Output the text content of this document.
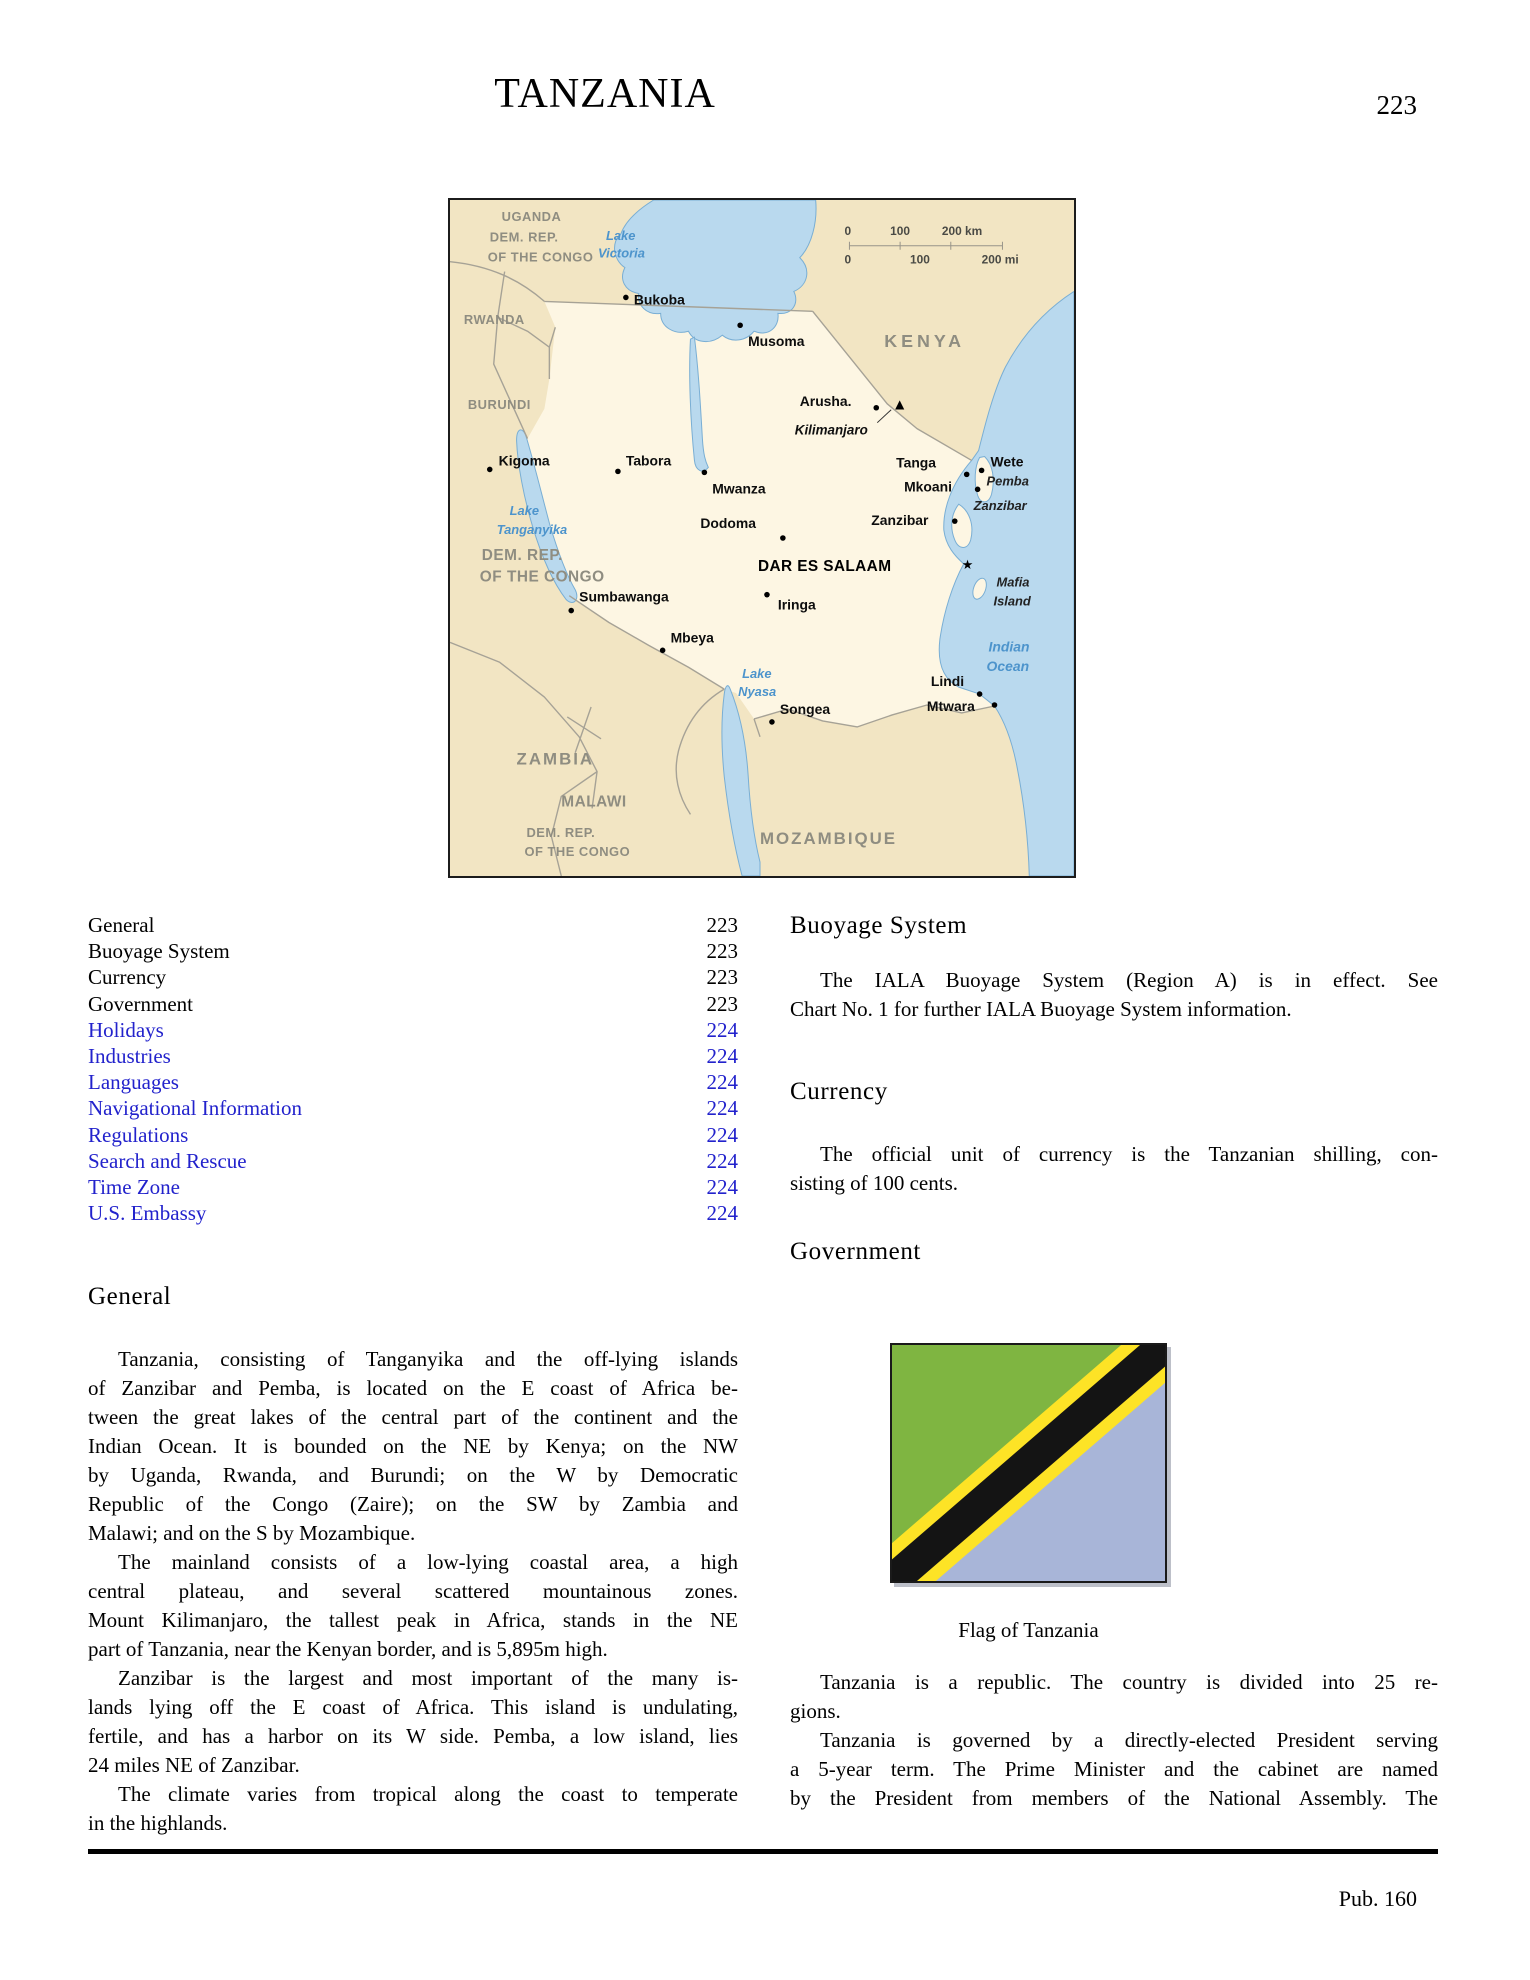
TANZANIA	223
UGANDA
DEM. REP.
OF THE CONGO
RWANDA
BURUNDI
KENYA
DEM. REP.
OF THE CONGO
ZAMBIA
MALAWI
DEM. REP.
OF THE CONGO
MOZAMBIQUE
Lake
Victoria
Lake
Tanganyika
Lake
Nyasa
Indian
Ocean
Pemba
Zanzibar
Mafia
Island
0	100	200 km
0	100	200 mi
Bukoba
Musoma
Mwanza
Arusha.
Kigoma	Tabora
Dodoma
Tanga	Wete
Mkoani
Zanzibar
Sumbawanga	Iringa
Mbeya
Lindi
Mtwara
Songea
DAR ES SALAAM	★
Kilimanjaro
▲
General	223
Buoyage System	223
Currency	223
Government	223
Holidays	224
Industries	224
Languages	224
Navigational Information	224
Regulations	224
Search and Rescue	224
Time Zone	224
U.S. Embassy	224
General
Tanzania, consisting of Tanganyika and the off-lying islands
of Zanzibar and Pemba, is located on the E coast of Africa be-
tween the great lakes of the central part of the continent and the
Indian Ocean. It is bounded on the NE by Kenya; on the NW
by Uganda, Rwanda, and Burundi; on the W by Democratic
Republic of the Congo (Zaire); on the SW by Zambia and
Malawi; and on the S by Mozambique.
The mainland consists of a low-lying coastal area, a high
central plateau, and several scattered mountainous zones.
Mount Kilimanjaro, the tallest peak in Africa, stands in the NE
part of Tanzania, near the Kenyan border, and is 5,895m high.
Zanzibar is the largest and most important of the many is-
lands lying off the E coast of Africa. This island is undulating,
fertile, and has a harbor on its W side. Pemba, a low island, lies
24 miles NE of Zanzibar.
The climate varies from tropical along the coast to temperate
in the highlands.
Buoyage System
The IALA Buoyage System (Region A) is in effect. See
Chart No. 1 for further IALA Buoyage System information.
Currency
The official unit of currency is the Tanzanian shilling, con-
sisting of 100 cents.
Government
Flag of Tanzania
Tanzania is a republic. The country is divided into 25 re-
gions.
Tanzania is governed by a directly-elected President serving
a 5-year term. The Prime Minister and the cabinet are named
by the President from members of the National Assembly. The
Pub. 160
